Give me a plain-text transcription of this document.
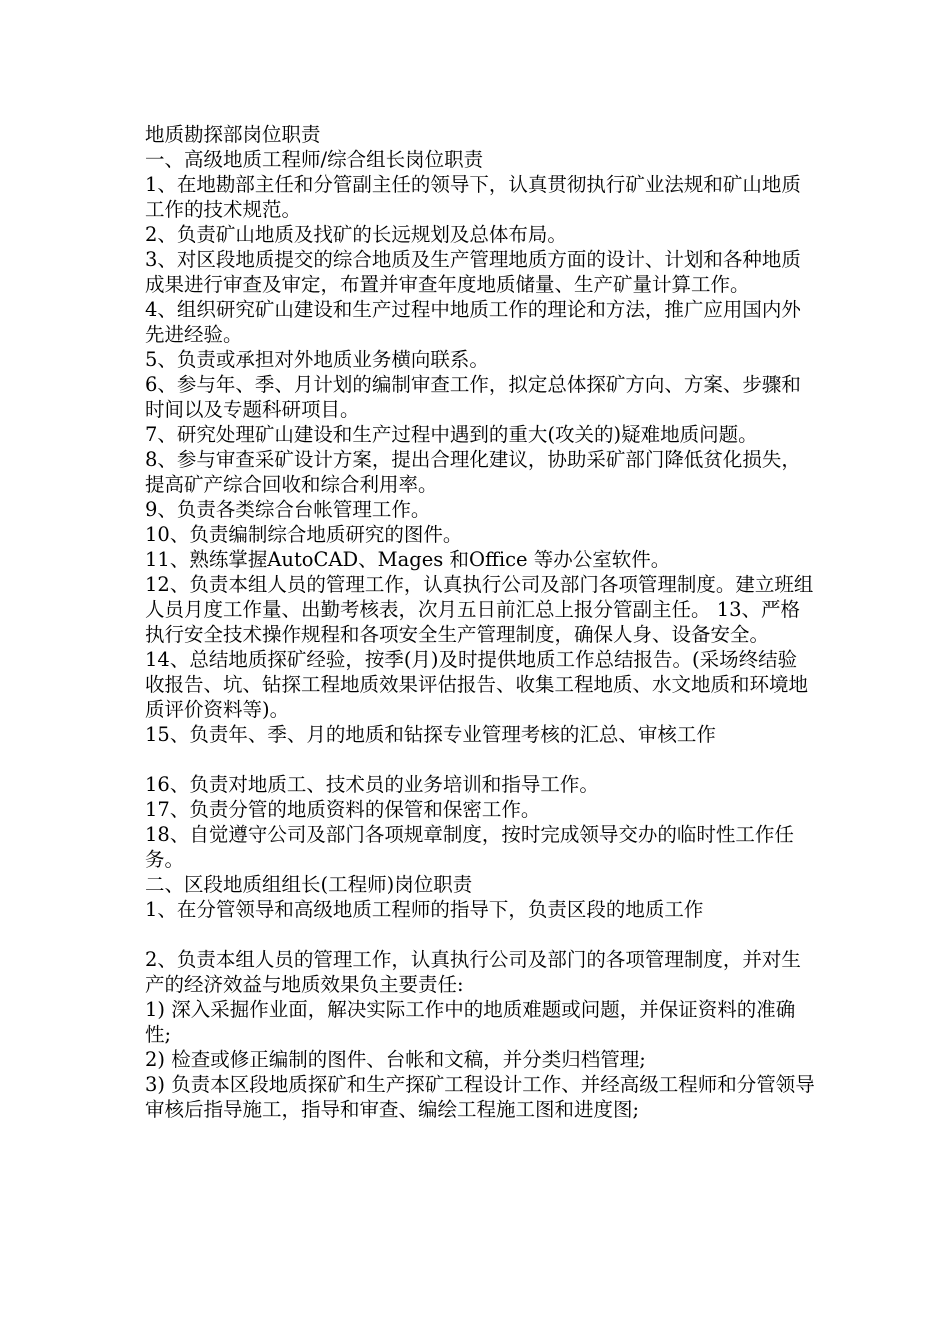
地质勘探部岗位职责

一、高级地质工程师/综合组长岗位职责

1、在地勘部主任和分管副主任的领导下，认真贯彻执行矿业法规和矿山地质工作的技术规范。

2、负责矿山地质及找矿的长远规划及总体布局。

3、对区段地质提交的综合地质及生产管理地质方面的设计、计划和各种地质成果进行审查及审定，布置并审查年度地质储量、生产矿量计算工作。

4、组织研究矿山建设和生产过程中地质工作的理论和方法，推广应用国内外先进经验。

5、负责或承担对外地质业务横向联系。

6、参与年、季、月计划的编制审查工作，拟定总体探矿方向、方案、步骤和时间以及专题科研项目。

7、研究处理矿山建设和生产过程中遇到的重大(攻关的)疑难地质问题。

8、参与审查采矿设计方案，提出合理化建议，协助采矿部门降低贫化损失，提高矿产综合回收和综合利用率。

9、负责各类综合台帐管理工作。

10、负责编制综合地质研究的图件。

11、熟练掌握AutoCAD、Mages 和Office 等办公室软件。

12、负责本组人员的管理工作，认真执行公司及部门各项管理制度。建立班组人员月度工作量、出勤考核表，次月五日前汇总上报分管副主任。 13、严格执行安全技术操作规程和各项安全生产管理制度，确保人身、设备安全。

14、总结地质探矿经验，按季(月)及时提供地质工作总结报告。(采场终结验收报告、坑、钻探工程地质效果评估报告、收集工程地质、水文地质和环境地质评价资料等)。

15、负责年、季、月的地质和钻探专业管理考核的汇总、审核工作

16、负责对地质工、技术员的业务培训和指导工作。

17、负责分管的地质资料的保管和保密工作。

18、自觉遵守公司及部门各项规章制度，按时完成领导交办的临时性工作任务。

二、区段地质组组长(工程师)岗位职责

1、在分管领导和高级地质工程师的指导下，负责区段的地质工作

2、负责本组人员的管理工作，认真执行公司及部门的各项管理制度，并对生产的经济效益与地质效果负主要责任:

1) 深入采掘作业面，解决实际工作中的地质难题或问题，并保证资料的准确性;

2) 检查或修正编制的图件、台帐和文稿，并分类归档管理;

3) 负责本区段地质探矿和生产探矿工程设计工作、并经高级工程师和分管领导审核后指导施工，指导和审查、编绘工程施工图和进度图;
